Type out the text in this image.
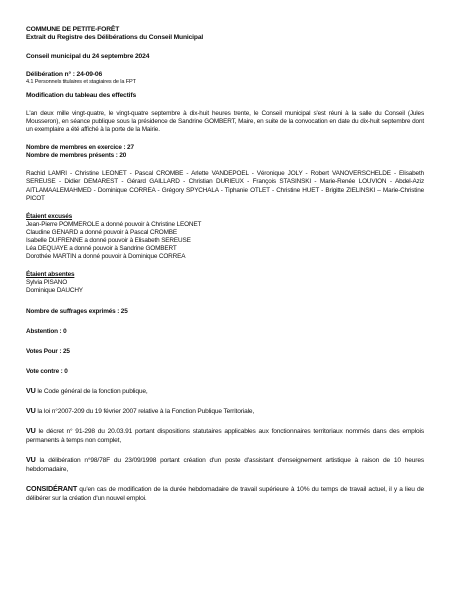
COMMUNE DE PETITE-FORÊT

Extrait du Registre des Délibérations du Conseil Municipal

Conseil municipal du 24 septembre 2024

Délibération n° : 24-09-06

4.1 Personnels titulaires et stagiaires de la FPT

Modification du tableau des effectifs

L'an deux mille vingt-quatre, le vingt-quatre septembre à dix-huit heures trente, le Conseil municipal s'est réuni à la salle du Conseil (Jules Mousseron), en séance publique sous la présidence de Sandrine GOMBERT, Maire, en suite de la convocation en date du dix-huit septembre dont un exemplaire a été affiché à la porte de la Mairie.

Nombre de membres en exercice : 27

Nombre de membres présents : 20

Rachid LAMRI - Christine LEONET - Pascal CROMBE - Arlette VANDEPOEL - Véronique JOLY - Robert VANOVERSCHELDE - Elisabeth SEREUSE - Didier DEMAREST - Gérard GAILLARD - Christian DURIEUX - François STASINSKI - Marie-Renée LOUVION - Abdel-Aziz AITLAMAALEMAHMED - Dominique CORREA - Grégory SPYCHALA - Tiphanie OTLET - Christine HUET - Brigitte ZIELINSKI – Marie-Christine PICOT

Étaient excusés

Jean-Pierre POMMEROLE a donné pouvoir à Christine LEONET

Claudine GENARD a donné pouvoir à Pascal CROMBE

Isabelle DUFRENNE a donné pouvoir à Elisabeth SEREUSE

Léa DEQUAYE a donné pouvoir à Sandrine GOMBERT

Dorothée MARTIN a donné pouvoir à Dominique CORREA

Étaient absentes

Sylvia PISANO

Dominique DAUCHY

Nombre de suffrages exprimés : 25

Abstention : 0

Votes Pour : 25

Vote contre : 0

VU le Code général de la fonction publique,

VU la loi n°2007-209 du 19 février 2007 relative à la Fonction Publique Territoriale,

VU le décret n° 91-298 du 20.03.91 portant dispositions statutaires applicables aux fonctionnaires territoriaux nommés dans des emplois permanents à temps non complet,

VU la délibération n°98/78F du 23/09/1998 portant création d'un poste d'assistant d'enseignement artistique à raison de 10 heures hebdomadaire,

CONSIDÉRANT qu'en cas de modification de la durée hebdomadaire de travail supérieure à 10% du temps de travail actuel, il y a lieu de délibérer sur la création d'un nouvel emploi.
